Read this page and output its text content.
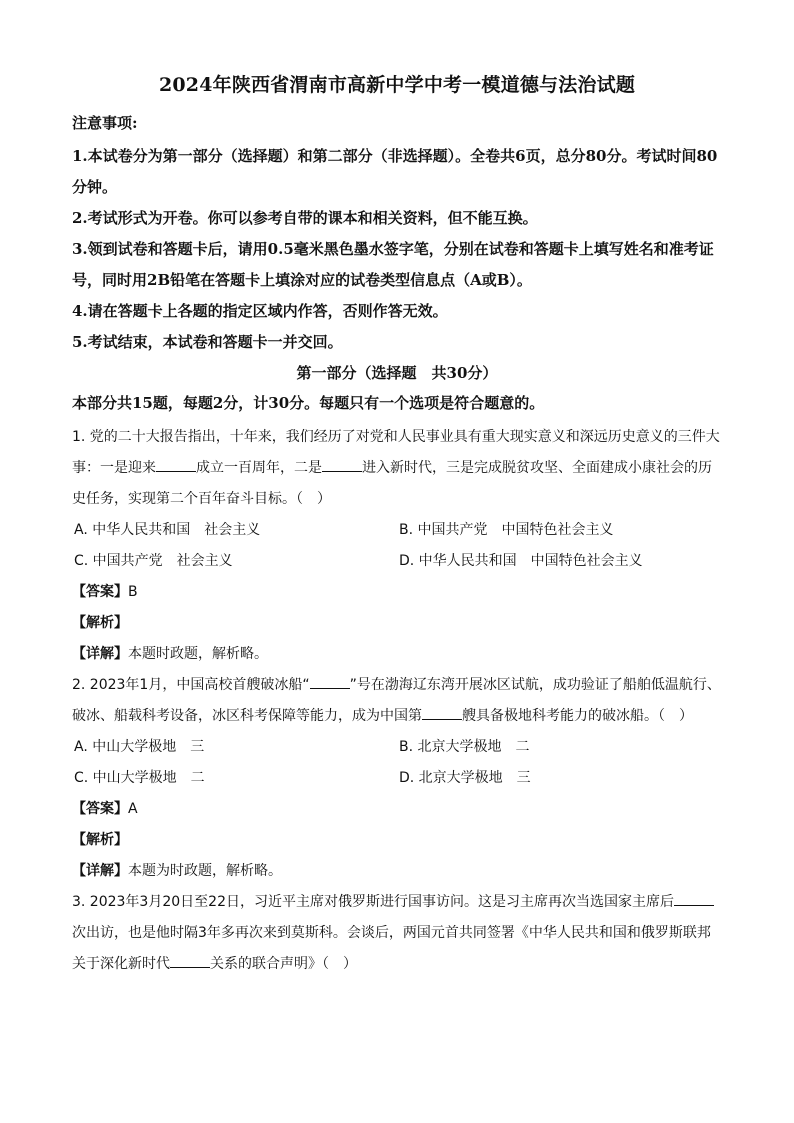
2024年陕西省渭南市高新中学中考一模道德与法治试题

注意事项:

1.本试卷分为第一部分（选择题）和第二部分（非选择题）。全卷共6页，总分80分。考试时间80分钟。

2.考试形式为开卷。你可以参考自带的课本和相关资料，但不能互换。

3.领到试卷和答题卡后，请用0.5毫米黑色墨水签字笔，分别在试卷和答题卡上填写姓名和准考证号，同时用2B铅笔在答题卡上填涂对应的试卷类型信息点（A或B）。

4.请在答题卡上各题的指定区域内作答，否则作答无效。

5.考试结束，本试卷和答题卡一并交回。

第一部分（选择题　共30分）

本部分共15题，每题2分，计30分。每题只有一个选项是符合题意的。

1. 党的二十大报告指出，十年来，我们经历了对党和人民事业具有重大现实意义和深远历史意义的三件大事：一是迎来	成立一百周年，二是	进入新时代，三是完成脱贫攻坚、全面建成小康社会的历史任务，实现第二个百年奋斗目标。（　）

A. 中华人民共和国　社会主义	B. 中国共产党　中国特色社会主义
C. 中国共产党　社会主义	D. 中华人民共和国　中国特色社会主义

【答案】B

【解析】

【详解】本题时政题，解析略。

2. 2023年1月，中国高校首艘破冰船“	”号在渤海辽东湾开展冰区试航，成功验证了船舶低温航行、破冰、船载科考设备，冰区科考保障等能力，成为中国第	艘具备极地科考能力的破冰船。（　）

A. 中山大学极地　三	B. 北京大学极地　二
C. 中山大学极地　二	D. 北京大学极地　三

【答案】A

【解析】

【详解】本题为时政题，解析略。

3. 2023年3月20日至22日，习近平主席对俄罗斯进行国事访问。这是习主席再次当选国家主席后次出访，也是他时隔3年多再次来到莫斯科。会谈后，两国元首共同签署《中华人民共和国和俄罗斯联邦关于深化新时代	关系的联合声明》（　）
